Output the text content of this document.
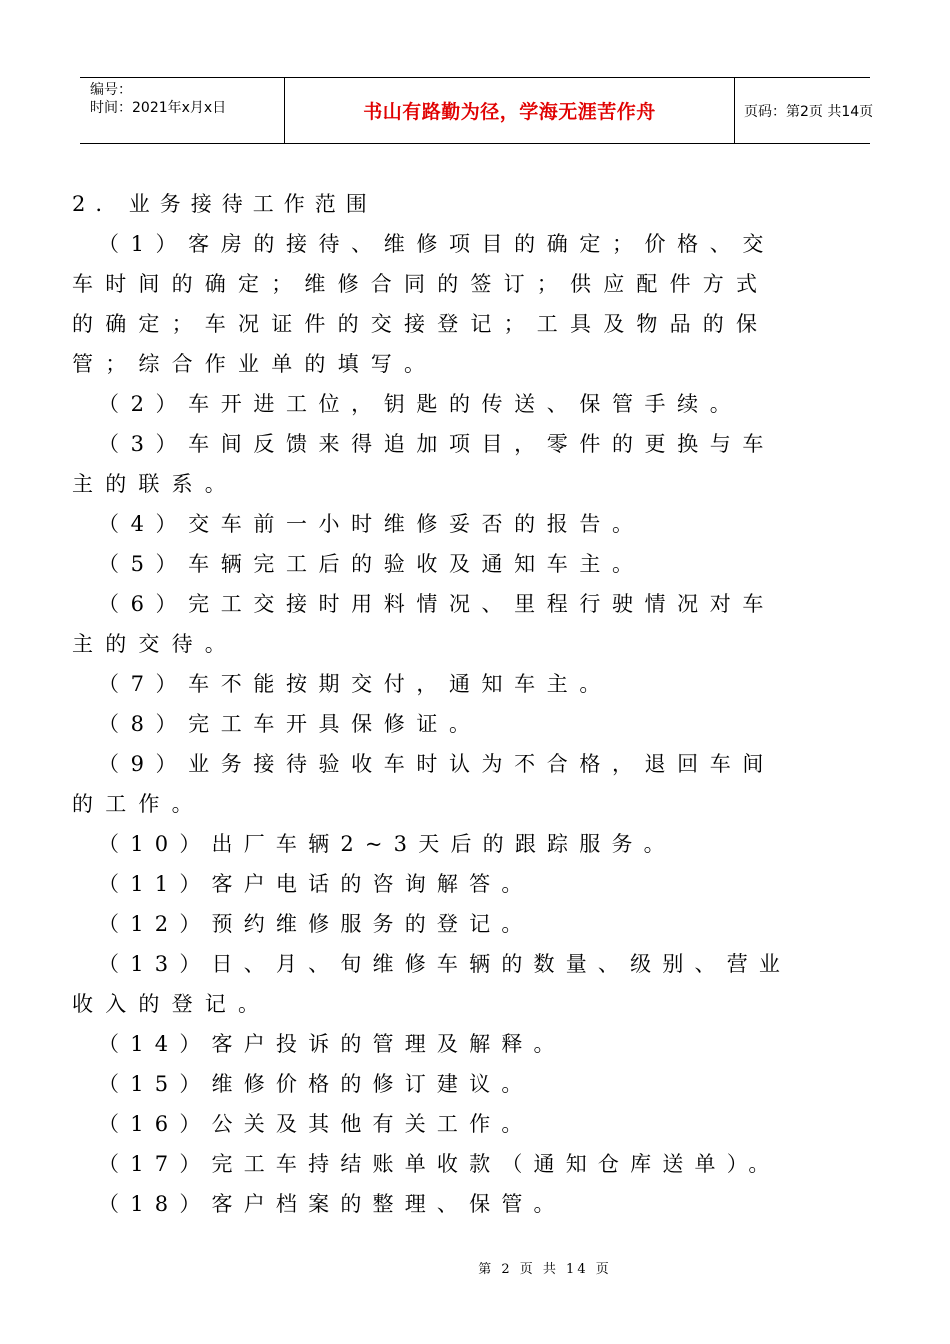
编号：
时间：2021年x月x日	书山有路勤为径，学海无涯苦作舟	页码：第2页 共14页
2. 业务接待工作范围
（1）客房的接待、维修项目的确定；价格、交
车时间的确定；维修合同的签订；供应配件方式
的确定；车况证件的交接登记；工具及物品的保
管；综合作业单的填写。
（2）车开进工位，钥匙的传送、保管手续。
（3）车间反馈来得追加项目，零件的更换与车
主的联系。
（4）交车前一小时维修妥否的报告。
（5）车辆完工后的验收及通知车主。
（6）完工交接时用料情况、里程行驶情况对车
主的交待。
（7）车不能按期交付，通知车主。
（8）完工车开具保修证。
（9）业务接待验收车时认为不合格，退回车间
的工作。
（10）出厂车辆2~3天后的跟踪服务。
（11）客户电话的咨询解答。
（12）预约维修服务的登记。
（13）日、月、旬维修车辆的数量、级别、营业
收入的登记。
（14）客户投诉的管理及解释。
（15）维修价格的修订建议。
（16）公关及其他有关工作。
（17）完工车持结账单收款（通知仓库送单）。
（18）客户档案的整理、保管。
第 2 页 共 14 页
